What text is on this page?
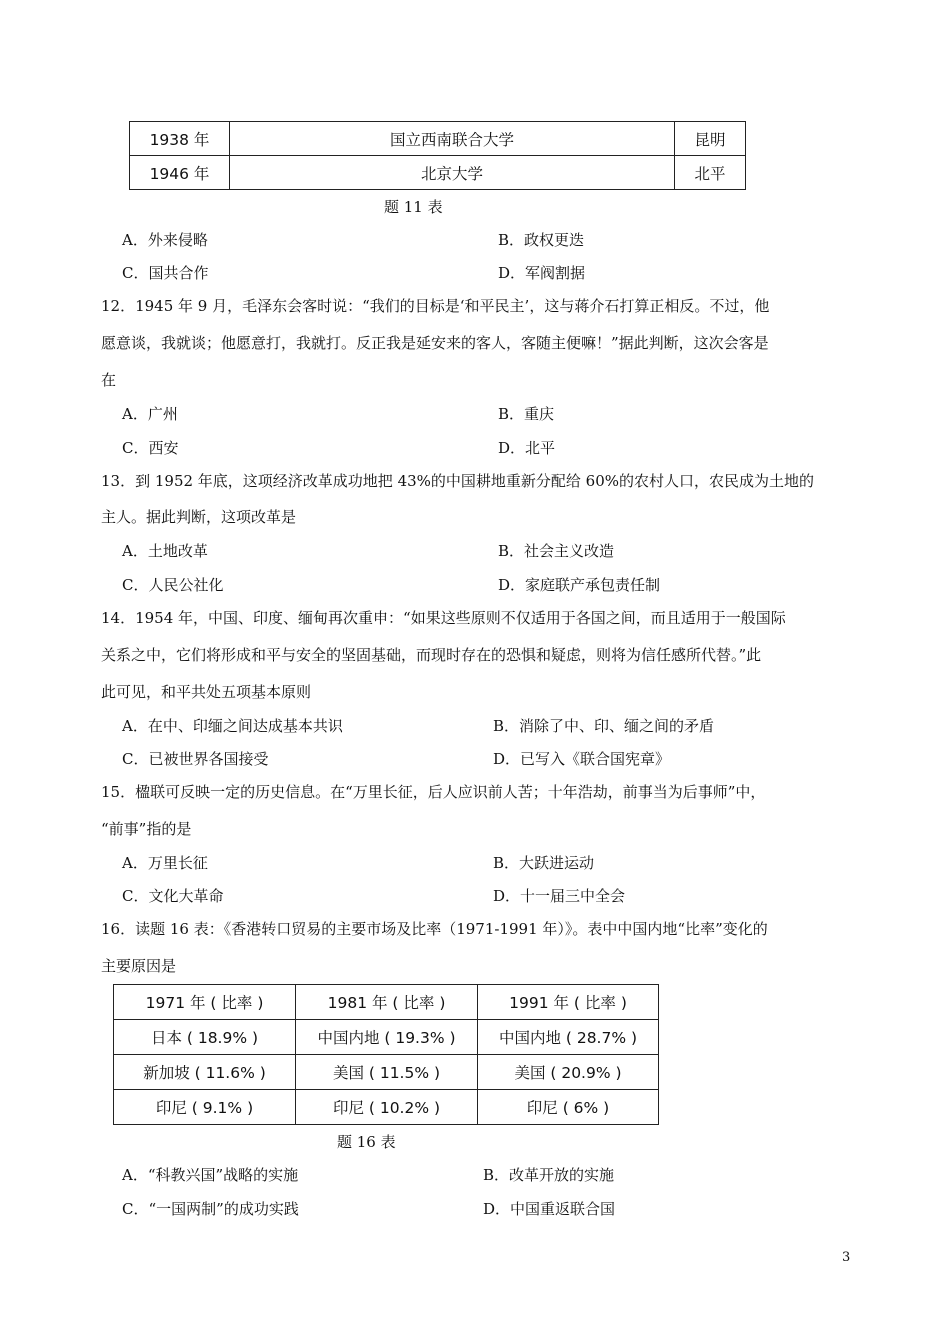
1938 年	国立西南联合大学	昆明
1946 年	北京大学	北平
题 11 表
A．外来侵略	B．政权更迭
C．国共合作	D．军阀割据
12．1945 年 9 月，毛泽东会客时说：“我们的目标是‘和平民主’，这与蒋介石打算正相反。不过，他
愿意谈，我就谈；他愿意打，我就打。反正我是延安来的客人，客随主便嘛！”据此判断，这次会客是
在
A．广州	B．重庆
C．西安	D．北平
13．到 1952 年底，这项经济改革成功地把 43%的中国耕地重新分配给 60%的农村人口，农民成为土地的
主人。据此判断，这项改革是
A．土地改革	B．社会主义改造
C．人民公社化	D．家庭联产承包责任制
14．1954 年，中国、印度、缅甸再次重申：“如果这些原则不仅适用于各国之间，而且适用于一般国际
关系之中，它们将形成和平与安全的坚固基础，而现时存在的恐惧和疑虑，则将为信任感所代替。”此
此可见，和平共处五项基本原则
A．在中、印缅之间达成基本共识	B．消除了中、印、缅之间的矛盾
C．已被世界各国接受	D．已写入《联合国宪章》
15．楹联可反映一定的历史信息。在“万里长征，后人应识前人苦；十年浩劫，前事当为后事师”中，
“前事”指的是
A．万里长征	B．大跃进运动
C．文化大革命	D．十一届三中全会
16．读题 16 表：《香港转口贸易的主要市场及比率（1971-1991 年）》。表中中国内地“比率”变化的
主要原因是
1971 年 ( 比率 )	1981 年 ( 比率 )	1991 年 ( 比率 )
日本 ( 18.9% )	中国内地 ( 19.3% )	中国内地 ( 28.7% )
新加坡 ( 11.6% )	美国 ( 11.5% )	美国 ( 20.9% )
印尼 ( 9.1% )	印尼 ( 10.2% )	印尼 ( 6% )
题 16 表
A．“科教兴国”战略的实施	B．改革开放的实施
C．“一国两制”的成功实践	D．中国重返联合国
3
